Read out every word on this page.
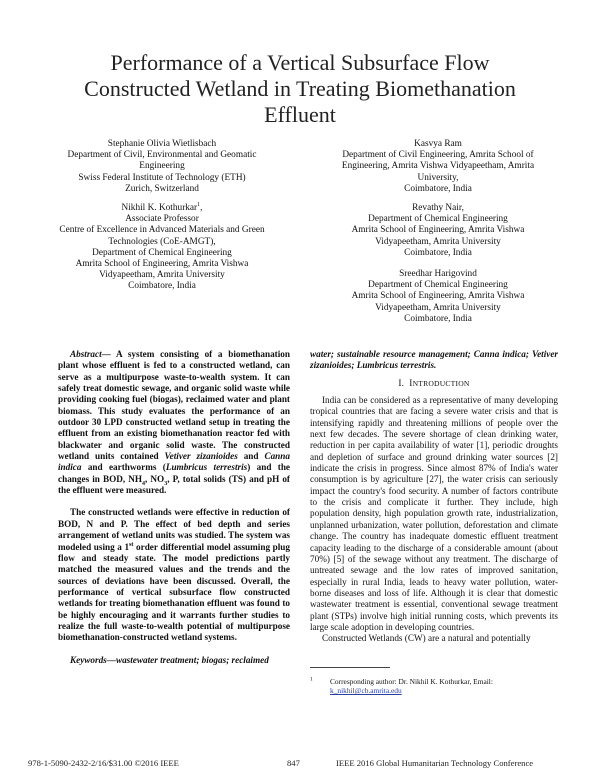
Performance of a Vertical Subsurface Flow
Constructed Wetland in Treating Biomethanation
Effluent
Stephanie Olivia Wietlisbach
Department of Civil, Environmental and Geomatic
Engineering
Swiss Federal Institute of Technology (ETH)
Zurich, Switzerland
Kasvya Ram
Department of Civil Engineering, Amrita School of
Engineering, Amrita Vishwa Vidyapeetham, Amrita
University,
Coimbatore, India
Nikhil K. Kothurkar$^1$,
Associate Professor
Centre of Excellence in Advanced Materials and Green
Technologies (CoE-AMGT),
Department of Chemical Engineering
Amrita School of Engineering, Amrita Vishwa
Vidyapeetham, Amrita University
Coimbatore, India
Revathy Nair,
Department of Chemical Engineering
Amrita School of Engineering, Amrita Vishwa
Vidyapeetham, Amrita University
Coimbatore, India
Sreedhar Harigovind
Department of Chemical Engineering
Amrita School of Engineering, Amrita Vishwa
Vidyapeetham, Amrita University
Coimbatore, India

Abstract— A system consisting of a biomethanation plant whose effluent is fed to a constructed wetland, can serve as a multipurpose waste-to-wealth system. It can safely treat domestic sewage, and organic solid waste while providing cooking fuel (biogas), reclaimed water and plant biomass. This study evaluates the performance of an outdoor 30 LPD constructed wetland setup in treating the effluent from an existing biomethanation reactor fed with blackwater and organic solid waste. The constructed wetland units contained Vetiver zizanioides and Canna indica and earthworms (Lumbricus terrestris) and the changes in BOD, $NH_4$, $NO_3$, P, total solids (TS) and pH of the effluent were measured.

The constructed wetlands were effective in reduction of BOD, N and P. The effect of bed depth and series arrangement of wetland units was studied. The system was modeled using a 1st order differential model assuming plug flow and steady state. The model predictions partly matched the measured values and the trends and the sources of deviations have been discussed. Overall, the performance of vertical subsurface flow constructed wetlands for treating biomethanation effluent was found to be highly encouraging and it warrants further studies to realize the full waste-to-wealth potential of multipurpose biomethanation-constructed wetland systems.

Keywords—wastewater treatment; biogas; reclaimed

water; sustainable resource management; Canna indica; Vetiver zizanioides; Lumbricus terrestris.

I. INTRODUCTION

India can be considered as a representative of many developing tropical countries that are facing a severe water crisis and that is intensifying rapidly and threatening millions of people over the next few decades. The severe shortage of clean drinking water, reduction in per capita availability of water [1], periodic droughts and depletion of surface and ground drinking water sources [2] indicate the crisis in progress. Since almost 87% of India's water consumption is by agriculture [27], the water crisis can seriously impact the country's food security. A number of factors contribute to the crisis and complicate it further. They include, high population density, high population growth rate, industrialization, unplanned urbanization, water pollution, deforestation and climate change. The country has inadequate domestic effluent treatment capacity leading to the discharge of a considerable amount (about 70%) [5] of the sewage without any treatment. The discharge of untreated sewage and the low rates of improved sanitation, especially in rural India, leads to heavy water pollution, water-borne diseases and loss of life. Although it is clear that domestic wastewater treatment is essential, conventional sewage treatment plant (STPs) involve high initial running costs, which prevents its large scale adoption in developing countries.

Constructed Wetlands (CW) are a natural and potentially

$^1$ Corresponding author: Dr. Nikhil K. Kothurkar, Email:
k_nikhil@cb.amrita.edu
978-1-5090-2432-2/16/$31.00 ©2016 IEEE	847	IEEE 2016 Global Humanitarian Technology Conference
